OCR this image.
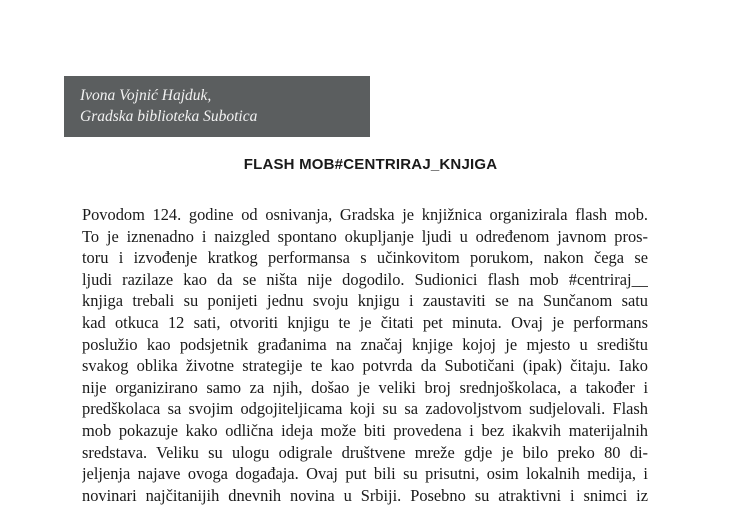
Ivona Vojnić Hajduk,
Gradska biblioteka Subotica
FLASH MOB#CENTRIRAJ_KNJIGA
Povodom 124. godine od osnivanja, Gradska je knjižnica organizirala flash mob.
To je iznenadno i naizgled spontano okupljanje ljudi u određenom javnom pros-
toru i izvođenje kratkog performansa s učinkovitom porukom, nakon čega se
ljudi razilaze kao da se ništa nije dogodilo. Sudionici flash mob #centriraj__
knjiga trebali su ponijeti jednu svoju knjigu i zaustaviti se na Sunčanom satu
kad otkuca 12 sati, otvoriti knjigu te je čitati pet minuta. Ovaj je performans
poslužio kao podsjetnik građanima na značaj knjige kojoj je mjesto u središtu
svakog oblika životne strategije te kao potvrda da Subotičani (ipak) čitaju. Iako
nije organizirano samo za njih, došao je veliki broj srednjoškolaca, a također i
predškolaca sa svojim odgojiteljicama koji su sa zadovoljstvom sudjelovali. Flash
mob pokazuje kako odlična ideja može biti provedena i bez ikakvih materijalnih
sredstava. Veliku su ulogu odigrale društvene mreže gdje je bilo preko 80 di-
jeljenja najave ovoga događaja. Ovaj put bili su prisutni, osim lokalnih medija, i
novinari najčitanijih dnevnih novina u Srbiji. Posebno su atraktivni i snimci iz
